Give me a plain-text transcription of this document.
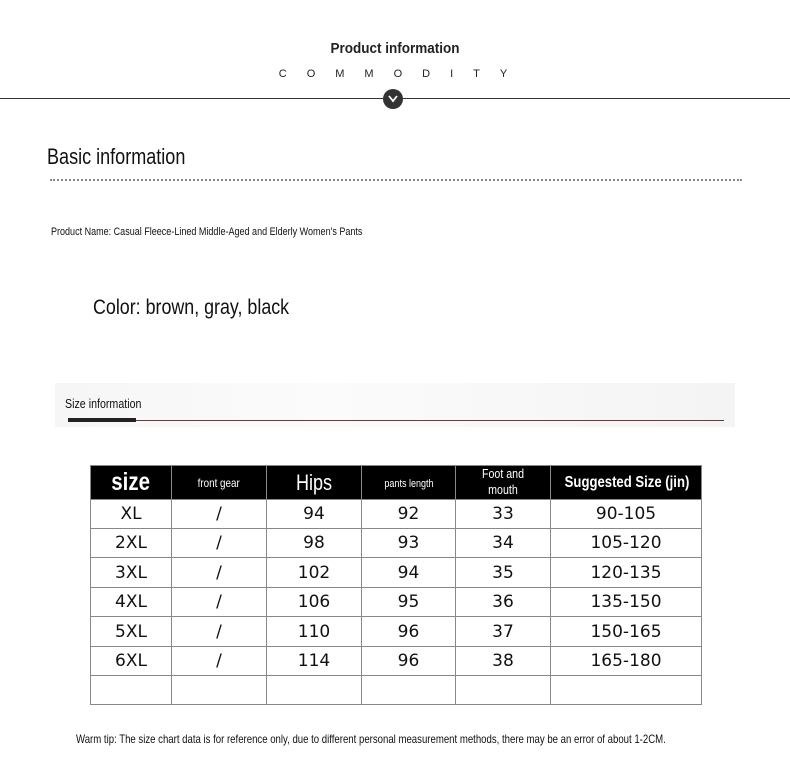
Product information
COMMODITY
Basic information
Product Name: Casual Fleece-Lined Middle-Aged and Elderly Women's Pants
Color: brown, gray, black
Size information
size	front gear	Hips	pants length	Foot and mouth	Suggested Size (jin)
XL	/	94	92	33	90-105
2XL	/	98	93	34	105-120
3XL	/	102	94	35	120-135
4XL	/	106	95	36	135-150
5XL	/	110	96	37	150-165
6XL	/	114	96	38	165-180

Warm tip: The size chart data is for reference only, due to different personal measurement methods, there may be an error of about 1-2CM.
